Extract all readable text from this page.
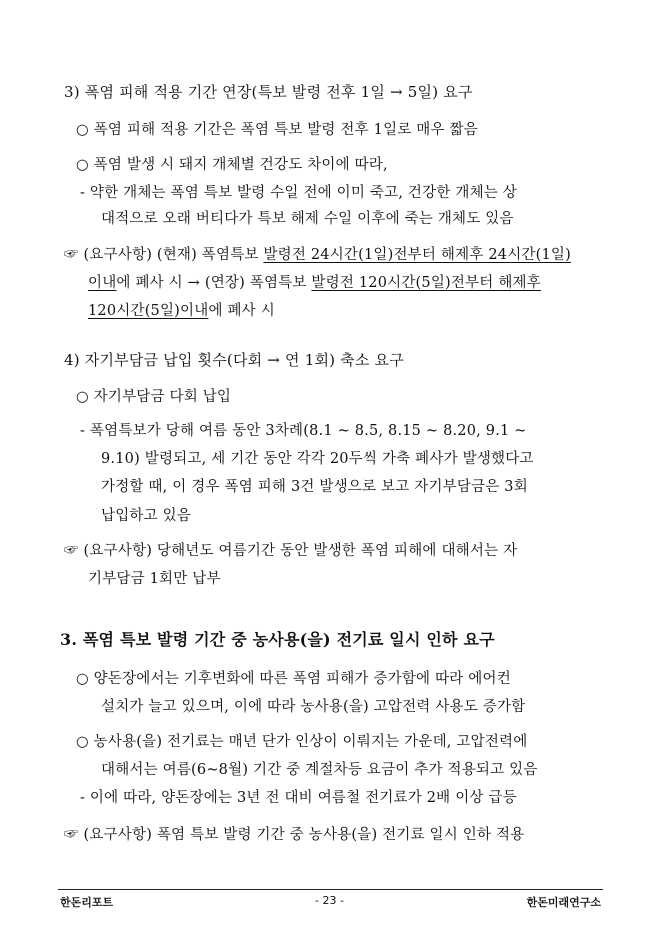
3) 폭염 피해 적용 기간 연장(특보 발령 전후 1일 → 5일) 요구
○ 폭염 피해 적용 기간은 폭염 특보 발령 전후 1일로 매우 짧음
○ 폭염 발생 시 돼지 개체별 건강도 차이에 따라,
- 약한 개체는 폭염 특보 발령 수일 전에 이미 죽고, 건강한 개체는 상
대적으로 오래 버티다가 특보 해제 수일 이후에 죽는 개체도 있음
☞ (요구사항) (현재) 폭염특보 발령전 24시간(1일)전부터 해제후 24시간(1일)
이내에 폐사 시 → (연장) 폭염특보 발령전 120시간(5일)전부터 해제후
120시간(5일)이내에 폐사 시
4) 자기부담금 납입 횟수(다회 → 연 1회) 축소 요구
○ 자기부담금 다회 납입
- 폭염특보가 당해 여름 동안 3차례(8.1 ~ 8.5, 8.15 ~ 8.20, 9.1 ~
9.10) 발령되고, 세 기간 동안 각각 20두씩 가축 폐사가 발생했다고
가정할 때, 이 경우 폭염 피해 3건 발생으로 보고 자기부담금은 3회
납입하고 있음
☞ (요구사항) 당해년도 여름기간 동안 발생한 폭염 피해에 대해서는 자
기부담금 1회만 납부
3. 폭염 특보 발령 기간 중 농사용(을) 전기료 일시 인하 요구
○ 양돈장에서는 기후변화에 따른 폭염 피해가 증가함에 따라 에어컨
설치가 늘고 있으며, 이에 따라 농사용(을) 고압전력 사용도 증가함
○ 농사용(을) 전기료는 매년 단가 인상이 이뤄지는 가운데, 고압전력에
대해서는 여름(6~8월) 기간 중 계절차등 요금이 추가 적용되고 있음
- 이에 따라, 양돈장에는 3년 전 대비 여름철 전기료가 2배 이상 급등
☞ (요구사항) 폭염 특보 발령 기간 중 농사용(을) 전기료 일시 인하 적용
한돈리포트	- 23 -	한돈미래연구소
